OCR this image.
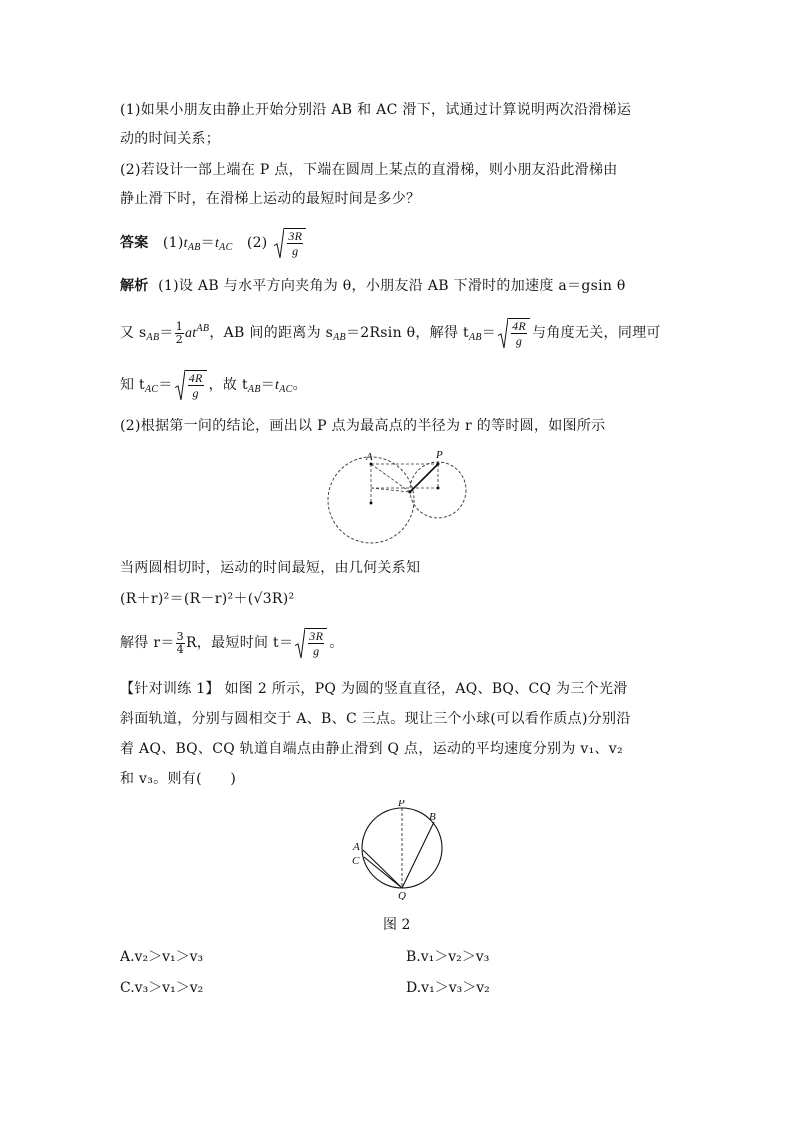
(1)如果小朋友由静止开始分别沿 AB 和 AC 滑下，试通过计算说明两次沿滑梯运
动的时间关系；
(2)若设计一部上端在 P 点，下端在圆周上某点的直滑梯，则小朋友沿此滑梯由
静止滑下时，在滑梯上运动的最短时间是多少？
答案 $(1)t_{AB}=t_{AC}$ $(2) \frac{3R}{g}$
解析 (1)设 AB 与水平方向夹角为 θ，小朋友沿 AB 下滑时的加速度 a＝gsin θ
又 $s_{AB}= \frac{1}{2} at^{AB}$，AB 间的距离为 $s_{AB}=2Rsin$ θ，解得 $t_{AB}= \frac{4R}{g}$ 与角度无关，同理可
知 $t_{AC}= \frac{4R}{g}$ ，故 $t_{AB}=t_{AC}$。
(2)根据第一问的结论，画出以 P 点为最高点的半径为 r 的等时圆，如图所示
A	P
当两圆相切时，运动的时间最短，由几何关系知
(R＋r)²＝(R－r)²＋(√3R)²
解得 $r= \frac{3}{4}$ R，最短时间 $t= \frac{3R}{g}$ 。
【针对训练 1】 如图 2 所示，PQ 为圆的竖直直径，AQ、BQ、CQ 为三个光滑
斜面轨道，分别与圆相交于 A、B、C 三点。现让三个小球(可以看作质点)分别沿
着 AQ、BQ、CQ 轨道自端点由静止滑到 Q 点，运动的平均速度分别为 v₁、v₂
和 v₃。则有(　　)
P
B
A
C
Q
图 2
A.v₂＞v₁＞v₃	B.v₁＞v₂＞v₃
C.v₃＞v₁＞v₂	D.v₁＞v₃＞v₂
